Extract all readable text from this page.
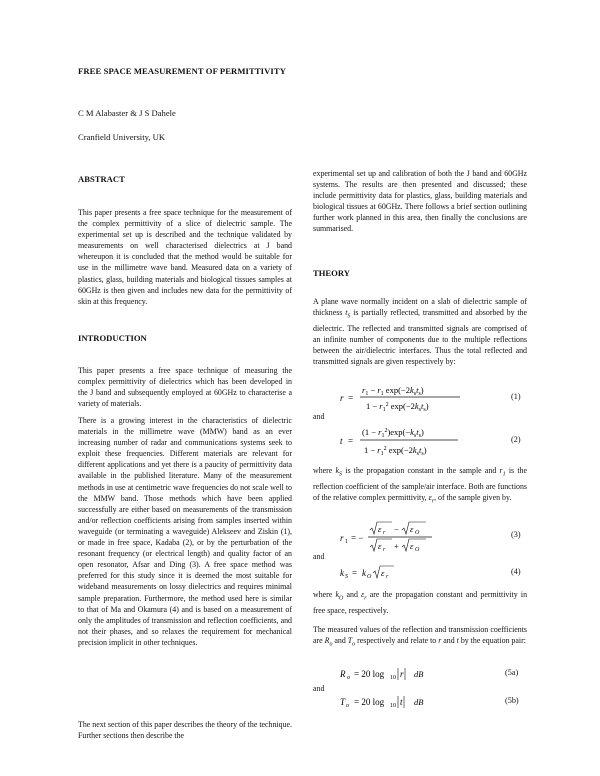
FREE SPACE MEASUREMENT OF PERMITTIVITY
C M Alabaster & J S Dahele
Cranfield University, UK
ABSTRACT
This paper presents a free space technique for the measurement of the complex permittivity of a slice of dielectric sample. The experimental set up is described and the technique validated by measurements on well characterised dielectrics at J band whereupon it is concluded that the method would be suitable for use in the millimetre wave band. Measured data on a variety of plastics, glass, building materials and biological tissues samples at 60GHz is then given and includes new data for the permittivity of skin at this frequency.
INTRODUCTION
This paper presents a free space technique of measuring the complex permittivity of dielectrics which has been developed in the J band and subsequently employed at 60GHz to characterise a variety of materials.
There is a growing interest in the characteristics of dielectric materials in the millimetre wave (MMW) band as an ever increasing number of radar and communications systems seek to exploit these frequencies. Different materials are relevant for different applications and yet there is a paucity of permittivity data available in the published literature. Many of the measurement methods in use at centimetric wave frequencies do not scale well to the MMW band. Those methods which have been applied successfully are either based on measurements of the transmission and/or reflection coefficients arising from samples inserted within waveguide (or terminating a waveguide) Alekseev and Ziskin (1), or made in free space, Kadaba (2), or by the perturbation of the resonant frequency (or electrical length) and quality factor of an open resonator, Afsar and Ding (3). A free space method was preferred for this study since it is deemed the most suitable for wideband measurements on lossy dielectrics and requires minimal sample preparation. Furthermore, the method used here is similar to that of Ma and Okamura (4) and is based on a measurement of only the amplitudes of transmission and reflection coefficients, and not their phases, and so relaxes the requirement for mechanical precision implicit in other techniques.
The next section of this paper describes the theory of the technique. Further sections then describe the
experimental set up and calibration of both the J band and 60GHz systems. The results are then presented and discussed; these include permittivity data for plastics, glass, building materials and biological tissues at 60GHz. There follows a brief section outlining further work planned in this area, then finally the conclusions are summarised.
THEORY
A plane wave normally incident on a slab of dielectric sample of thickness $t_S$ is partially reflected, transmitted and absorbed by the dielectric. The reflected and transmitted signals are comprised of an infinite number of components due to the multiple reflections between the air/dielectric interfaces. Thus the total reflected and transmitted signals are given respectively by:
r =
$r_1 - r_1$ $\exp(-2k_st_s)$
$1 - r_1^2$ $\exp(-2k_st_s)$
(1)
and
t =
$(1 - r_1^2)\exp(-k_st_s)$
$1 - r_1^2$ $\exp(-2k_st_s)$
(2)
where $k_S$ is the propagation constant in the sample and $r_1$ is the reflection coefficient of the sample/air interface. Both are functions of the relative complex permittivity, $\varepsilon_r$, of the sample given by.
r 1 = −
ε r − ε O
ε r + ε O
(3)
and
k S = k O ε r
(4)
where $k_O$ and $\varepsilon_r$ are the propagation constant and permittivity in free space, respectively.
The measured values of the reflection and transmission coefficients are $R_o$ and $T_o$ respectively and relate to r and t by the equation pair:
R o = 20 log 10 r dB	(5a)
and
T o = 20 log 10 t dB	(5b)
